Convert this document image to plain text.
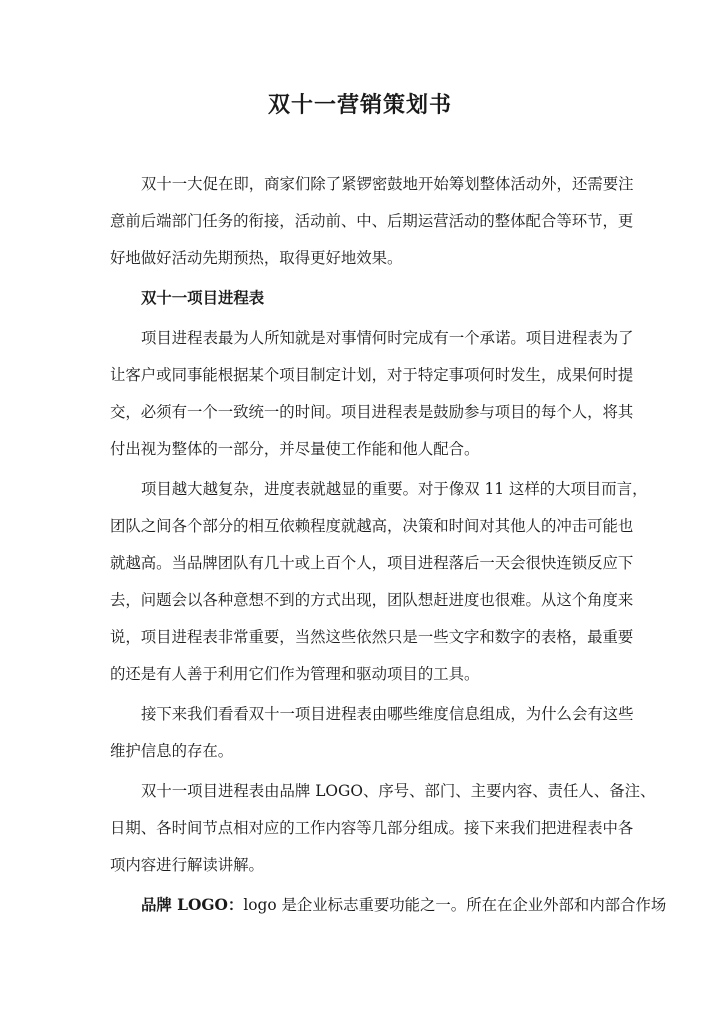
双十一营销策划书
双十一大促在即，商家们除了紧锣密鼓地开始筹划整体活动外，还需要注
意前后端部门任务的衔接，活动前、中、后期运营活动的整体配合等环节，更
好地做好活动先期预热，取得更好地效果。
双十一项目进程表
项目进程表最为人所知就是对事情何时完成有一个承诺。项目进程表为了
让客户或同事能根据某个项目制定计划，对于特定事项何时发生，成果何时提
交，必须有一个一致统一的时间。项目进程表是鼓励参与项目的每个人，将其
付出视为整体的一部分，并尽量使工作能和他人配合。
项目越大越复杂，进度表就越显的重要。对于像双 11 这样的大项目而言，
团队之间各个部分的相互依赖程度就越高，决策和时间对其他人的冲击可能也
就越高。当品牌团队有几十或上百个人，项目进程落后一天会很快连锁反应下
去，问题会以各种意想不到的方式出现，团队想赶进度也很难。从这个角度来
说，项目进程表非常重要，当然这些依然只是一些文字和数字的表格，最重要
的还是有人善于利用它们作为管理和驱动项目的工具。
接下来我们看看双十一项目进程表由哪些维度信息组成，为什么会有这些
维护信息的存在。
双十一项目进程表由品牌 LOGO、序号、部门、主要内容、责任人、备注、
日期、各时间节点相对应的工作内容等几部分组成。接下来我们把进程表中各
项内容进行解读讲解。
品牌 LOGO：logo 是企业标志重要功能之一。所在在企业外部和内部合作场
